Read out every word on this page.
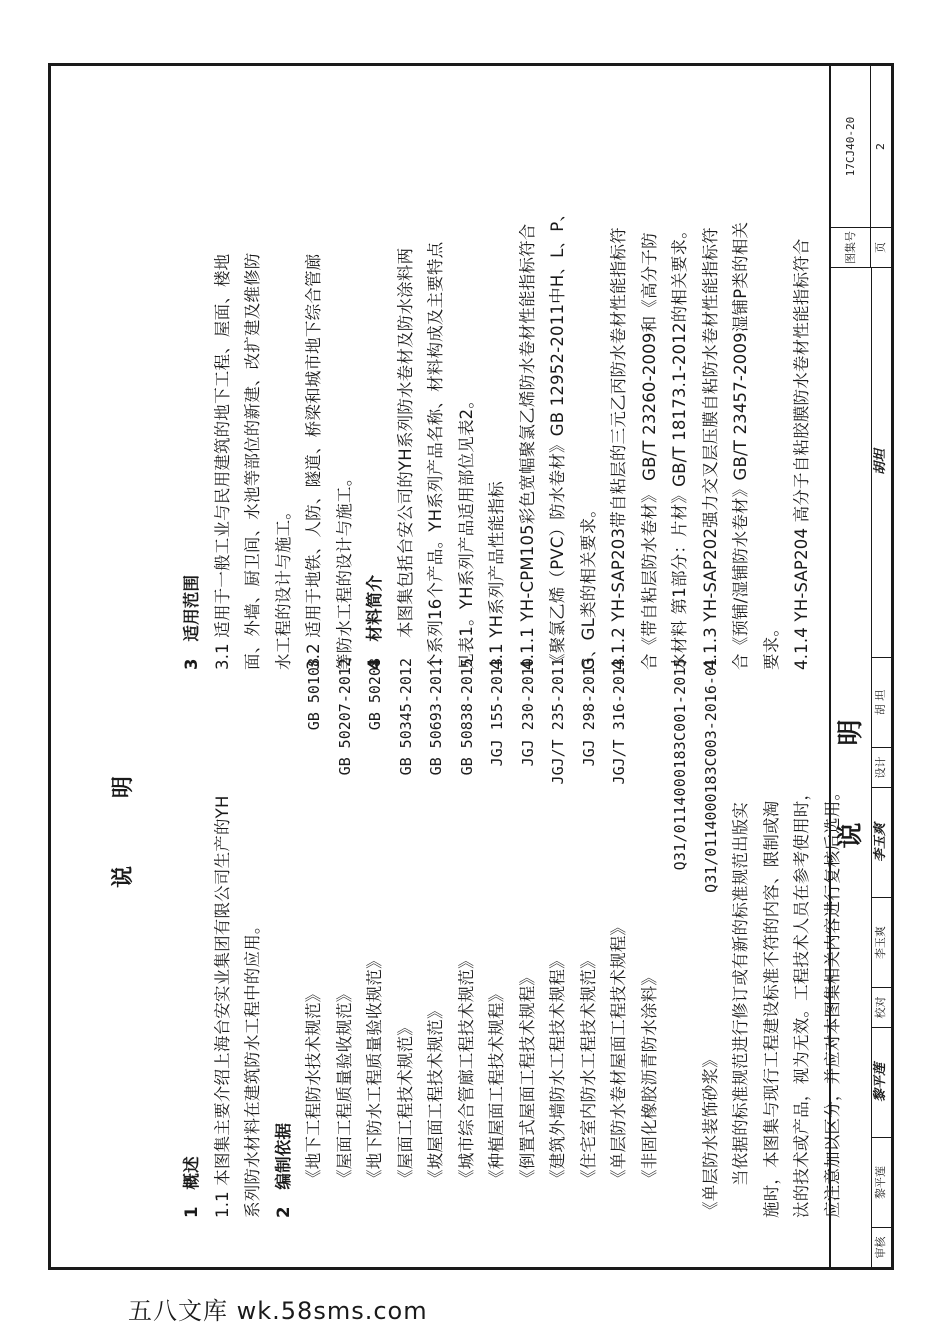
说 明
1　概述 1.1 本图集主要介绍上海台安实业集团有限公司生产的YH 系列防水材料在建筑防水工程中的应用。 2　编制依据 《地下工程防水技术规范》
GB 50108
《屋面工程质量验收规范》
GB 50207-2012
《地下防水工程质量验收规范》
GB 50208
《屋面工程技术规范》
GB 50345-2012
《坡屋面工程技术规范》
GB 50693-2011
《城市综合管廊工程技术规范》
GB 50838-2015
《种植屋面工程技术规程》
JGJ 155-2013
《倒置式屋面工程技术规程》
JGJ 230-2010
《建筑外墙防水工程技术规程》
JGJ/T 235-2011
《住宅室内防水工程技术规范》
JGJ 298-2013
《单层防水卷材屋面工程技术规程》
JGJ/T 316-2013
《非固化橡胶沥青防水涂料》
Q31/0114000183C001-2015
《单层防水装饰砂浆》
Q31/0114000183C003-2016-01
当依据的标准规范进行修订或有新的标准规范出版实 施时，本图集与现行工程建设标准不符的内容、限制或淘 汰的技术或产品，视为无效。工程技术人员在参考使用时， 应注意加以区分，并应对本图集相关内容进行复核后选用。
3　适用范围 3.1 适用于一般工业与民用建筑的地下工程、屋面、楼地 面、外墙、厨卫间、水池等部位的新建、改扩建及维修防 水工程的设计与施工。 3.2 适用于地铁、人防、隧道、桥梁和城市地下综合管廊 等防水工程的设计与施工。 4　材料简介 本图集包括台安公司的YH系列防水卷材及防水涂料两 个系列16个产品。YH系列产品名称、材料构成及主要特点 见表1。YH系列产品适用部位见表2。 4.1 YH系列产品性能指标 4.1.1 YH-CPM105彩色宽幅聚氯乙烯防水卷材性能指标符合 《聚氯乙烯（PVC）防水卷材》GB 12952-2011中H、L、P、 G、GL类的相关要求。 4.1.2 YH-SAP203带自粘层的三元乙丙防水卷材性能指标符 合《带自粘层防水卷材》 GB/T 23260-2009和《高分子防 水材料 第1部分：片材》GB/T 18173.1-2012的相关要求。 4.1.3 YH-SAP202强力交叉层压膜自粘防水卷材性能指标符 合《预铺/湿铺防水卷材》GB/T 23457-2009湿铺P类的相关 要求。 4.1.4 YH-SAP204 高分子自粘胶膜防水卷材性能指标符合
说 明
审核
黎平莲
黎平莲
校对
李玉爽
李玉爽
设计
胡 坦
胡坦
图集号
17CJ40-20
页
2
五八文库 wk.58sms.com
